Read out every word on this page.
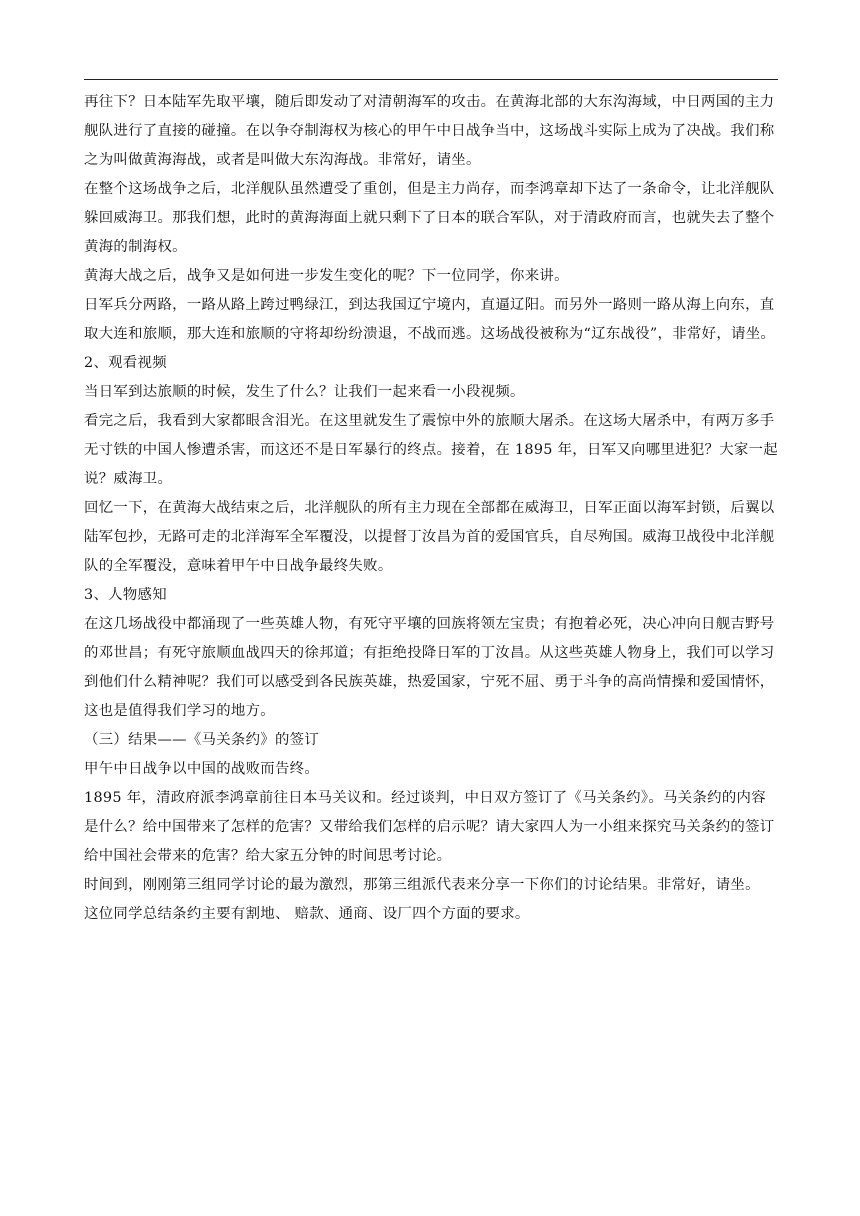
再往下？日本陆军先取平壤，随后即发动了对清朝海军的攻击。在黄海北部的大东沟海域，中日两国的主力舰队进行了直接的碰撞。在以争夺制海权为核心的甲午中日战争当中，这场战斗实际上成为了决战。我们称之为叫做黄海海战，或者是叫做大东沟海战。非常好，请坐。

在整个这场战争之后，北洋舰队虽然遭受了重创，但是主力尚存，而李鸿章却下达了一条命令，让北洋舰队躲回威海卫。那我们想，此时的黄海海面上就只剩下了日本的联合军队，对于清政府而言，也就失去了整个黄海的制海权。

黄海大战之后，战争又是如何进一步发生变化的呢？下一位同学，你来讲。

日军兵分两路，一路从路上跨过鸭绿江，到达我国辽宁境内，直逼辽阳。而另外一路则一路从海上向东，直取大连和旅顺，那大连和旅顺的守将却纷纷溃退，不战而逃。这场战役被称为“辽东战役”，非常好，请坐。

2、观看视频

当日军到达旅顺的时候，发生了什么？让我们一起来看一小段视频。

看完之后，我看到大家都眼含泪光。在这里就发生了震惊中外的旅顺大屠杀。在这场大屠杀中，有两万多手无寸铁的中国人惨遭杀害，而这还不是日军暴行的终点。接着，在 1895 年，日军又向哪里进犯？大家一起说？威海卫。

回忆一下，在黄海大战结束之后，北洋舰队的所有主力现在全部都在威海卫，日军正面以海军封锁，后翼以陆军包抄，无路可走的北洋海军全军覆没，以提督丁汝昌为首的爱国官兵，自尽殉国。威海卫战役中北洋舰队的全军覆没，意味着甲午中日战争最终失败。

3、人物感知

在这几场战役中都涌现了一些英雄人物，有死守平壤的回族将领左宝贵；有抱着必死，决心冲向日舰吉野号的邓世昌；有死守旅顺血战四天的徐邦道；有拒绝投降日军的丁汝昌。从这些英雄人物身上，我们可以学习到他们什么精神呢？我们可以感受到各民族英雄，热爱国家，宁死不屈、勇于斗争的高尚情操和爱国情怀，这也是值得我们学习的地方。

（三）结果——《马关条约》的签订

甲午中日战争以中国的战败而告终。

1895 年，清政府派李鸿章前往日本马关议和。经过谈判，中日双方签订了《马关条约》。马关条约的内容是什么？给中国带来了怎样的危害？又带给我们怎样的启示呢？请大家四人为一小组来探究马关条约的签订给中国社会带来的危害？给大家五分钟的时间思考讨论。

时间到，刚刚第三组同学讨论的最为激烈，那第三组派代表来分享一下你们的讨论结果。非常好，请坐。

这位同学总结条约主要有割地、 赔款、通商、设厂四个方面的要求。
